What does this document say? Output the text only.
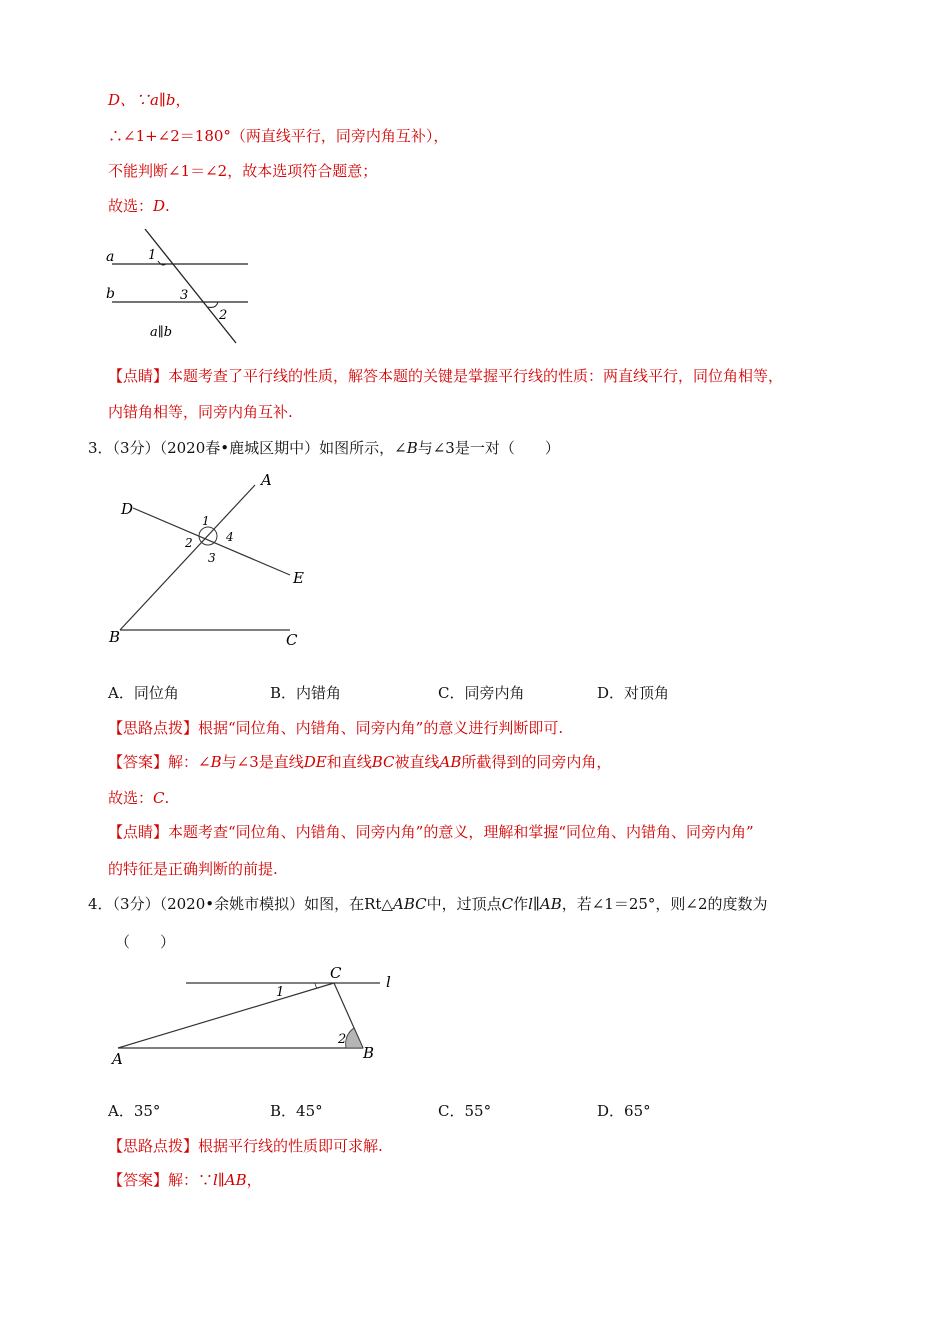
D、∵a∥b，
∴∠1+∠2＝180°（两直线平行，同旁内角互补），
不能判断∠1＝∠2，故本选项符合题意；
故选：D.
a
b
1
3
2
a∥b
【点睛】本题考查了平行线的性质，解答本题的关键是掌握平行线的性质：两直线平行，同位角相等，
内错角相等，同旁内角互补.
3．（3分）（2020春•鹿城区期中）如图所示，∠B与∠3是一对（　　）
A
D
E
B	C
1
2
3
4
A．同位角	B．内错角	C．同旁内角	D．对顶角
【思路点拨】根据“同位角、内错角、同旁内角”的意义进行判断即可.
【答案】解：∠B与∠3是直线DE和直线BC被直线AB所截得到的同旁内角，
故选：C.
【点睛】本题考查“同位角、内错角、同旁内角”的意义，理解和掌握“同位角、内错角、同旁内角”
的特征是正确判断的前提.
4．（3分）（2020•余姚市模拟）如图，在Rt△ABC中，过顶点C作l∥AB，若∠1＝25°，则∠2的度数为
（　　）
C	l
A	B
1
2
A．35°	B．45°	C．55°	D．65°
【思路点拨】根据平行线的性质即可求解.
【答案】解：∵l∥AB，
